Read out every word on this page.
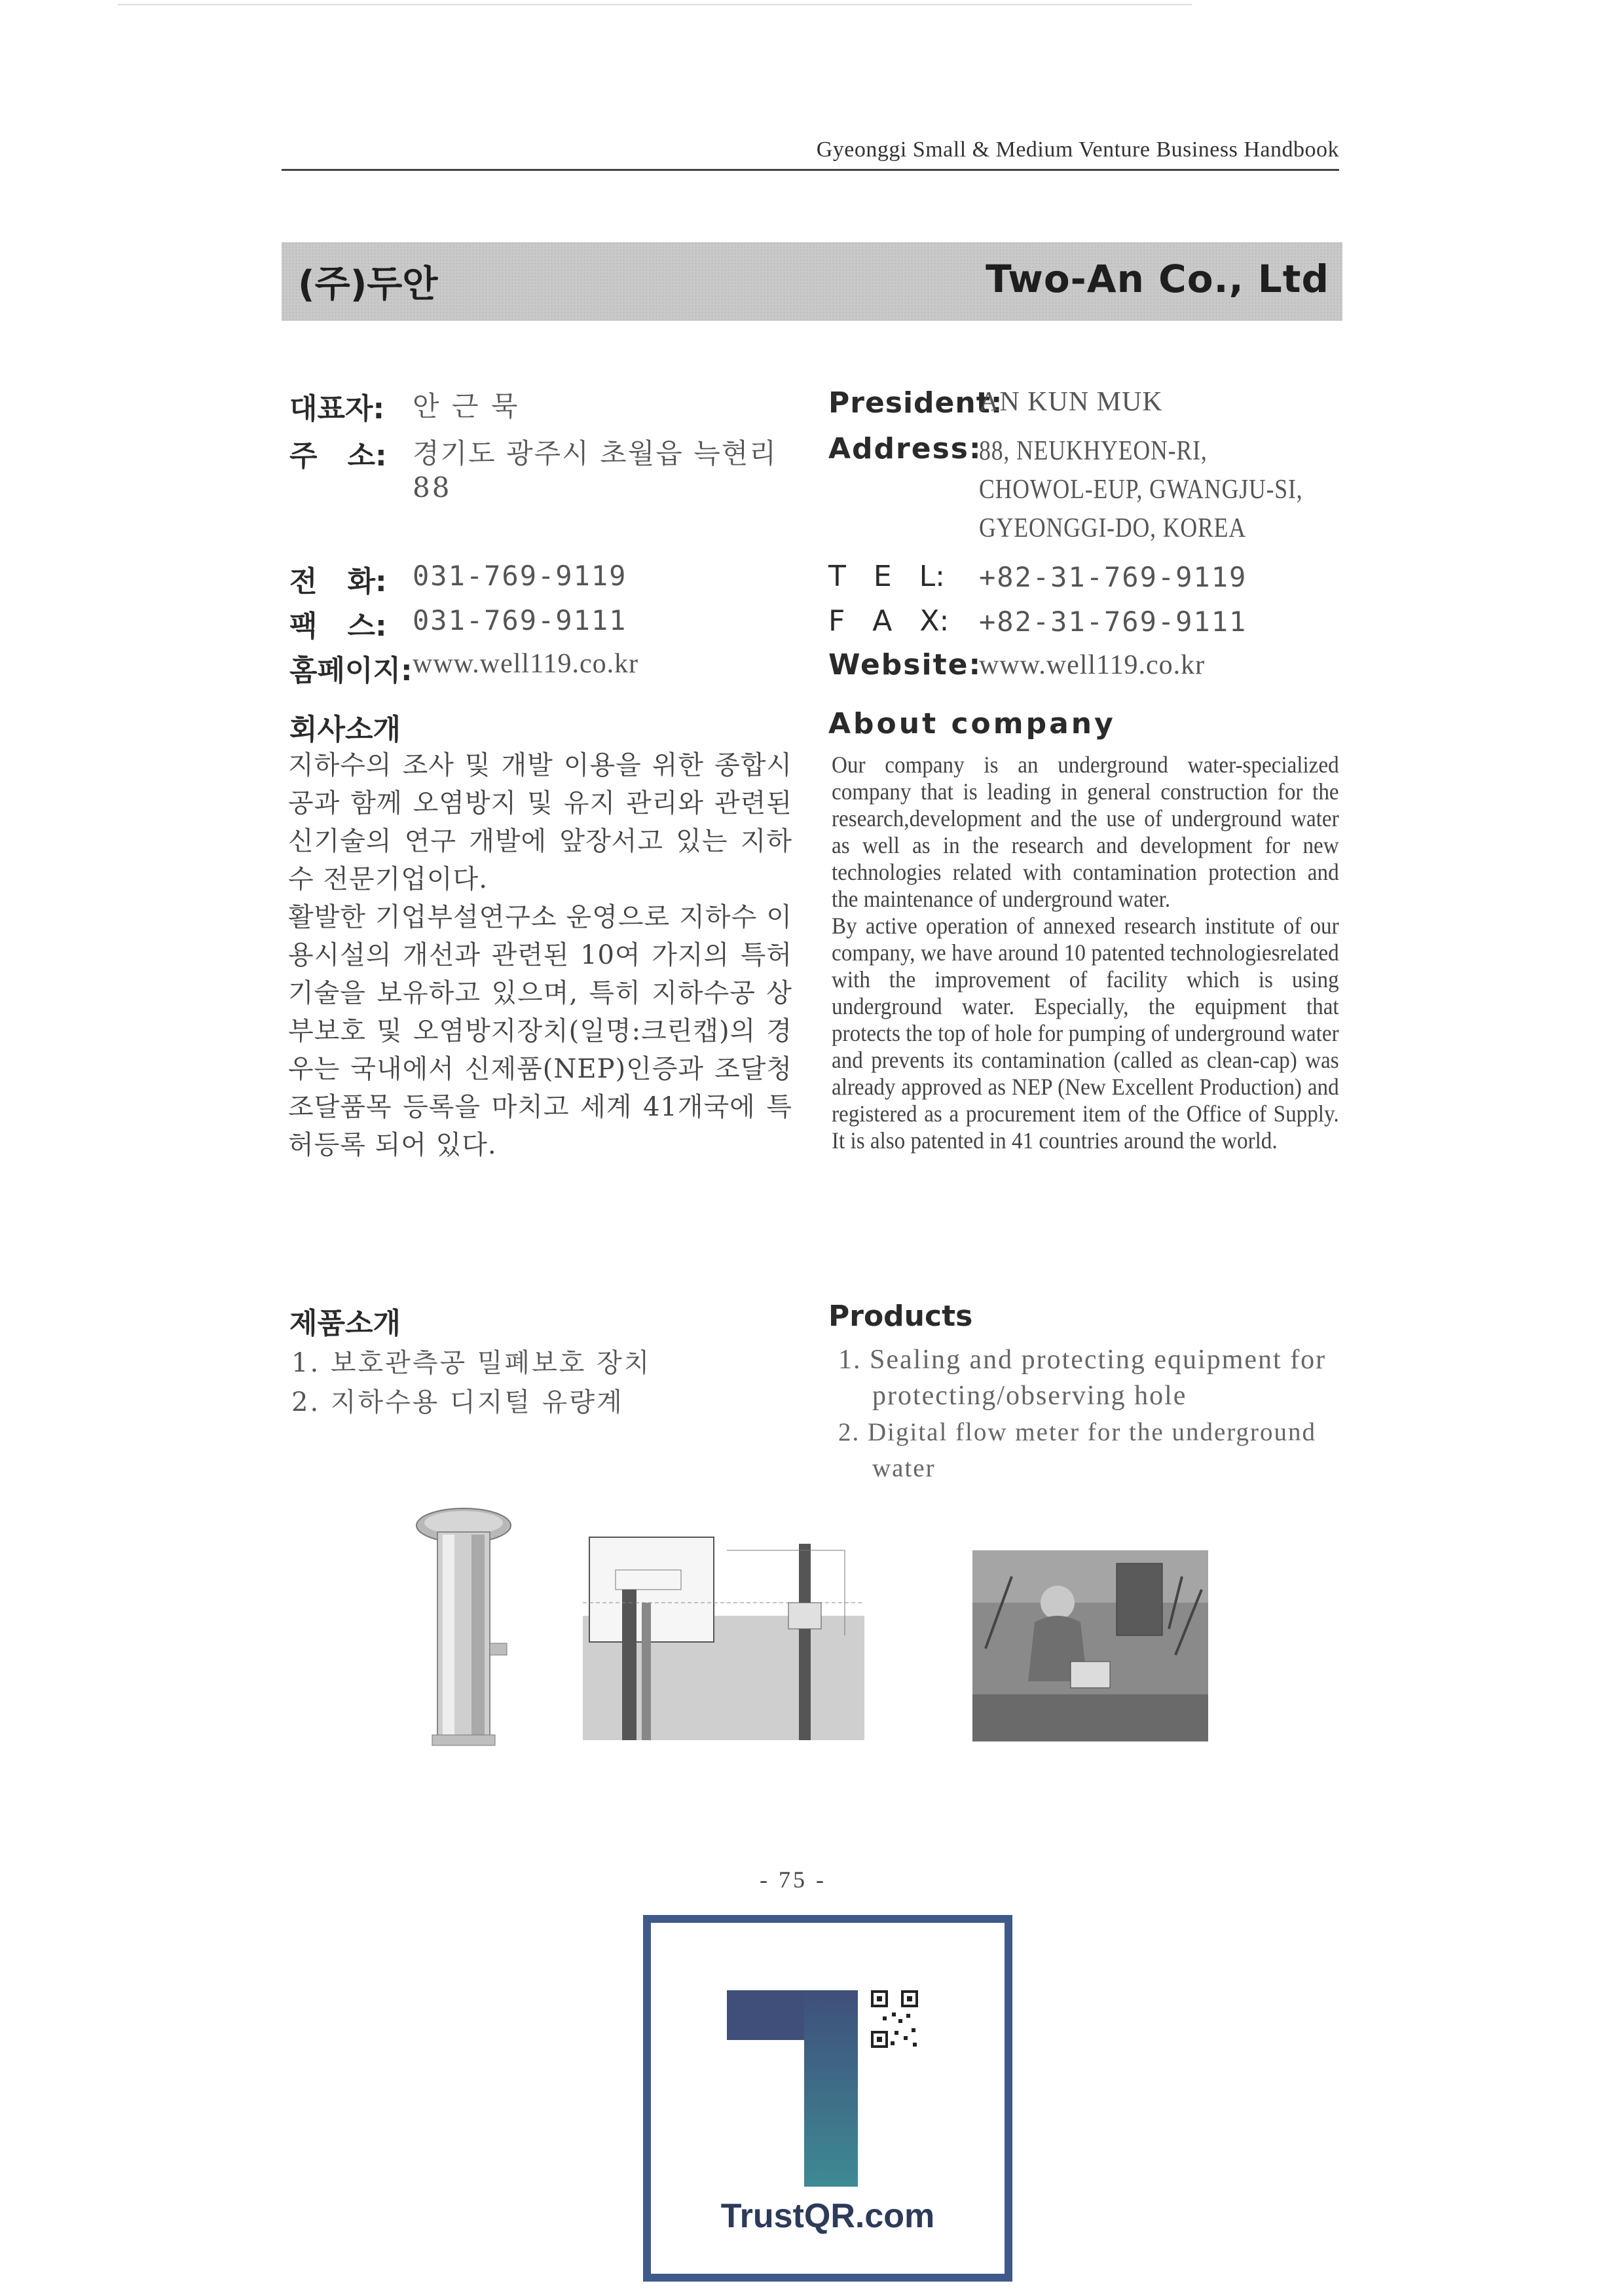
Gyeonggi Small & Medium Venture Business Handbook
(주)두안	Two-An Co., Ltd
대표자: 안 근 묵
주   소: 경기도 광주시 초월읍 늑현리
88
전   화: 031-769-9119
팩   스: 031-769-9111
홈페이지: www.well119.co.kr
President:
AN KUN MUK
Address:
88, NEUKHYEON-RI,
CHOWOL-EUP, GWANGJU-SI,
GYEONGGI-DO, KOREA
T   E   L: +82-31-769-9119
F   A   X: +82-31-769-9111
Website:
www.well119.co.kr
회사소개	About company
지하수의 조사 및 개발 이용을 위한 종합시공과 함께 오염방지 및 유지 관리와 관련된 신기술의 연구 개발에 앞장서고 있는 지하수 전문기업이다.
활발한 기업부설연구소 운영으로 지하수 이용시설의 개선과 관련된 10여 가지의 특허기술을 보유하고 있으며, 특히 지하수공 상부보호 및 오염방지장치(일명:크린캡)의 경우는 국내에서 신제품(NEP)인증과 조달청 조달품목 등록을 마치고 세계 41개국에 특허등록 되어 있다.

Our company is an underground water-specialized company that is leading in general construction for the research,development and the use of underground water as well as in the research and development for new technologies related with contamination protection and the maintenance of underground water.

By active operation of annexed research institute of our company, we have around 10 patented technologiesrelated with the improvement of facility which is using underground water. Especially, the equipment that protects the top of hole for pumping of underground water and prevents its contamination (called as clean-cap) was already approved as NEP (New Excellent Production) and registered as a procurement item of the Office of Supply. It is also patented in 41 countries around the world.

제품소개	Products
1. 보호관측공 밀폐보호 장치
2. 지하수용 디지털 유량계
1. Sealing and protecting equipment for protecting/observing hole
2. Digital flow meter for the underground water
- 75 -
TrustQR.com
